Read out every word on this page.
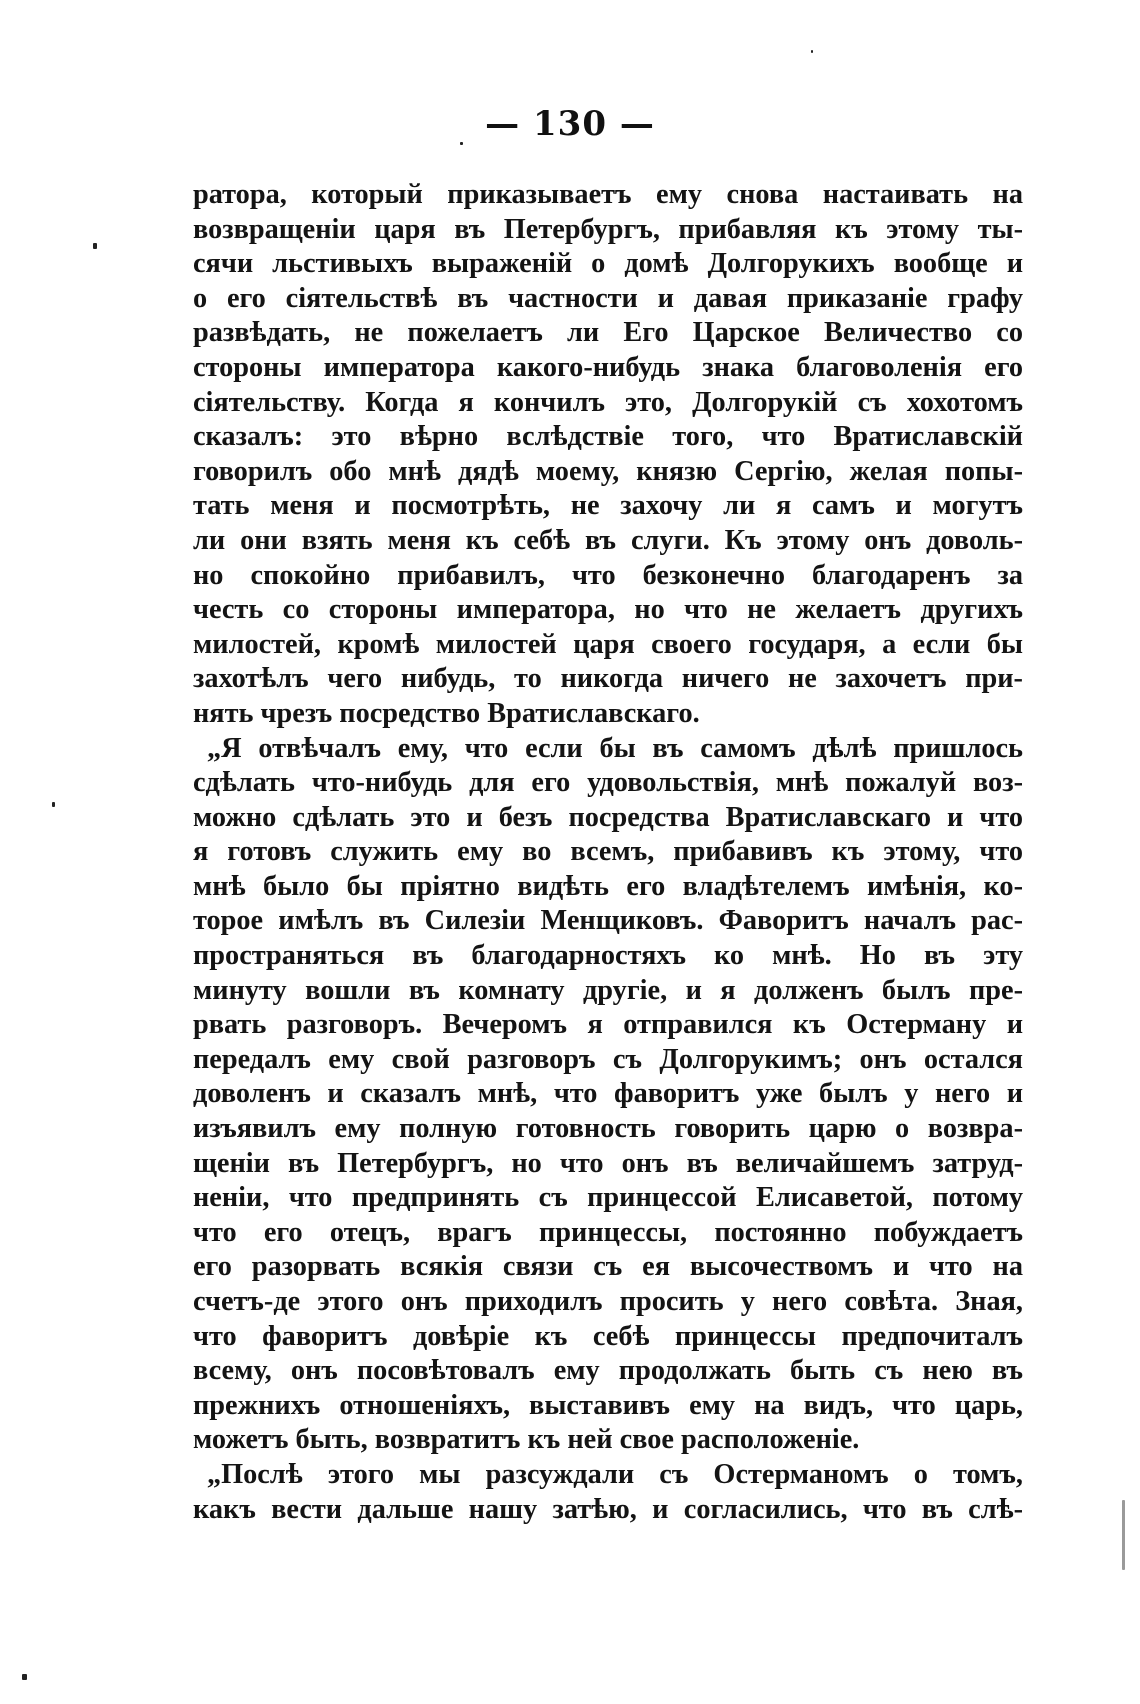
— 130 —
ратора, который приказываетъ ему снова настаивать на
возвращенiи царя въ Петербургъ, прибавляя къ этому ты-
сячи льстивыхъ выраженiй о домѣ Долгорукихъ вообще и
о его сiятельствѣ въ частности и давая приказанiе графу
развѣдать, не пожелаетъ ли Его Царское Величество со
стороны императора какого-нибудь знака благоволенiя его
сiятельству. Когда я кончилъ это, Долгорукiй съ хохотомъ
сказалъ: это вѣрно вслѣдствiе того, что Вратиславскiй
говорилъ обо мнѣ дядѣ моему, князю Сергiю, желая попы-
тать меня и посмотрѣть, не захочу ли я самъ и могутъ
ли они взять меня къ себѣ въ слуги. Къ этому онъ доволь-
но спокойно прибавилъ, что безконечно благодаренъ за
честь со стороны императора, но что не желаетъ другихъ
милостей, кромѣ милостей царя своего государя, а если бы
захотѣлъ чего нибудь, то никогда ничего не захочетъ при-
нять чрезъ посредство Вратиславскаго.
„Я отвѣчалъ ему, что если бы въ самомъ дѣлѣ пришлось
сдѣлать что-нибудь для его удовольствiя, мнѣ пожалуй воз-
можно сдѣлать это и безъ посредства Вратиславскаго и что
я готовъ служить ему во всемъ, прибавивъ къ этому, что
мнѣ было бы прiятно видѣть его владѣтелемъ имѣнiя, ко-
торое имѣлъ въ Силезiи Менщиковъ. Фаворитъ началъ рас-
пространяться въ благодарностяхъ ко мнѣ. Но въ эту
минуту вошли въ комнату другiе, и я долженъ былъ пре-
рвать разговоръ. Вечеромъ я отправился къ Остерману и
передалъ ему свой разговоръ съ Долгорукимъ; онъ остался
доволенъ и сказалъ мнѣ, что фаворитъ уже былъ у него и
изъявилъ ему полную готовность говорить царю о возвра-
щенiи въ Петербургъ, но что онъ въ величайшемъ затруд-
ненiи, что предпринять съ принцессой Елисаветой, потому
что его отецъ, врагъ принцессы, постоянно побуждаетъ
его разорвать всякiя связи съ ея высочествомъ и что на
счетъ-де этого онъ приходилъ просить у него совѣта. Зная,
что фаворитъ довѣрiе къ себѣ принцессы предпочиталъ
всему, онъ посовѣтовалъ ему продолжать быть съ нею въ
прежнихъ отношенiяхъ, выставивъ ему на видъ, что царь,
можетъ быть, возвратитъ къ ней свое расположенiе.
„Послѣ этого мы разсуждали съ Остерманомъ о томъ,
какъ вести дальше нашу затѣю, и согласились, что въ слѣ-
